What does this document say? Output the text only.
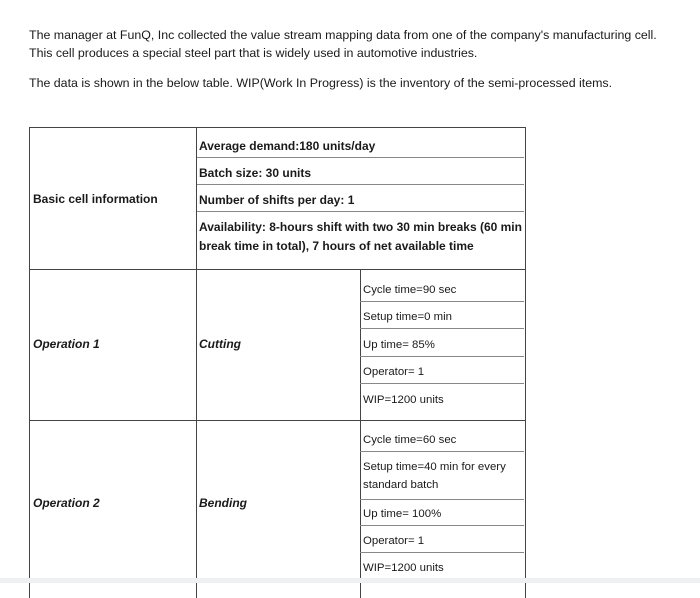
The manager at FunQ, Inc collected the value stream mapping data from one of the company's manufacturing cell. This cell produces a special steel part that is widely used in automotive industries.

The data is shown in the below table. WIP(Work In Progress) is the inventory of the semi-processed items.

Basic cell information
Average demand:180 units/day
Batch size: 30 units
Number of shifts per day: 1
Availability: 8-hours shift with two 30 min breaks (60 min break time in total), 7 hours of net available time
Operation 1	Cutting
Cycle time=90 sec
Setup time=0 min
Up time= 85%
Operator= 1
WIP=1200 units
Operation 2	Bending
Cycle time=60 sec
Setup time=40 min for every standard batch
Up time= 100%
Operator= 1
WIP=1200 units
